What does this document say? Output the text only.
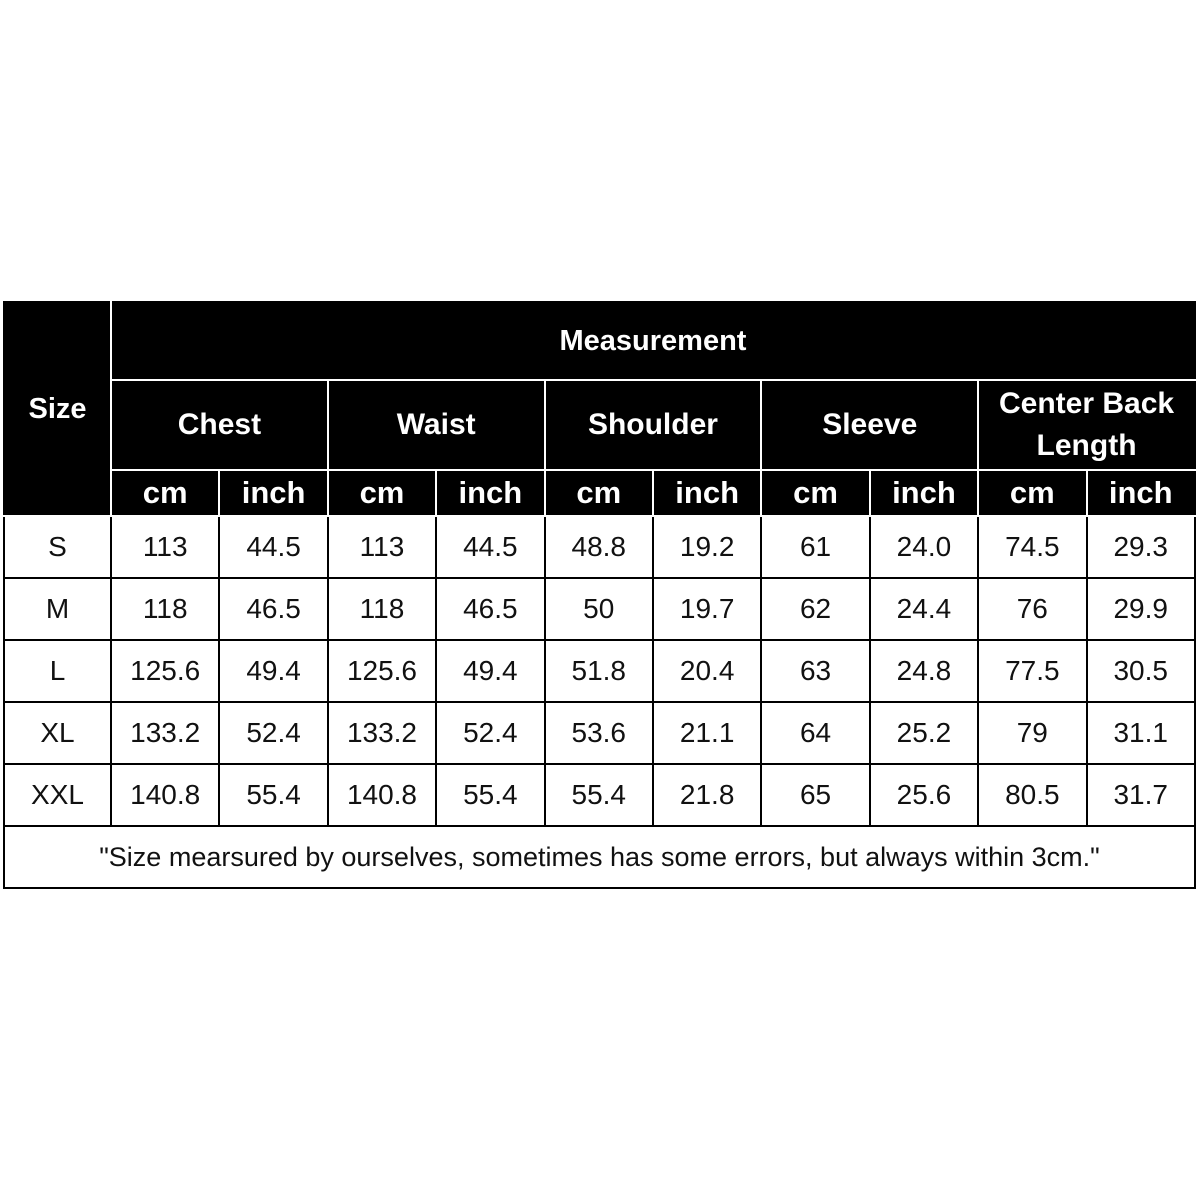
Size	Measurement									
	Chest		Waist		Shoulder		Sleeve		Center Back Length	
	cm	inch	cm	inch	cm	inch	cm	inch	cm	inch
S	113	44.5	113	44.5	48.8	19.2	61	24.0	74.5	29.3
M	118	46.5	118	46.5	50	19.7	62	24.4	76	29.9
L	125.6	49.4	125.6	49.4	51.8	20.4	63	24.8	77.5	30.5
XL	133.2	52.4	133.2	52.4	53.6	21.1	64	25.2	79	31.1
XXL	140.8	55.4	140.8	55.4	55.4	21.8	65	25.6	80.5	31.7
"Size mearsured by ourselves, sometimes has some errors, but always within 3cm."										
